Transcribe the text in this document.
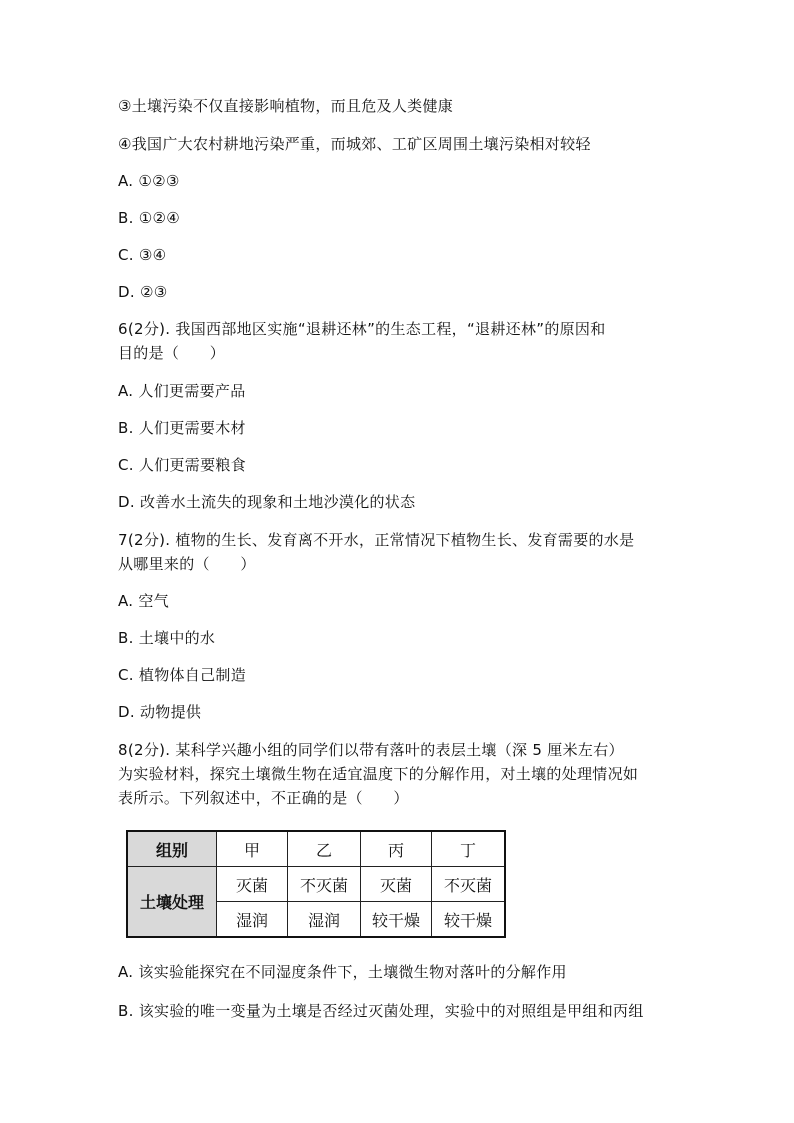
③土壤污染不仅直接影响植物，而且危及人类健康
④我国广大农村耕地污染严重，而城郊、工矿区周围土壤污染相对较轻
A. ①②③
B. ①②④
C. ③④
D. ②③
6(2分). 我国西部地区实施“退耕还林”的生态工程，“退耕还林”的原因和
目的是（　　）
A. 人们更需要产品
B. 人们更需要木材
C. 人们更需要粮食
D. 改善水土流失的现象和土地沙漠化的状态
7(2分). 植物的生长、发育离不开水，正常情况下植物生长、发育需要的水是
从哪里来的（　　）
A. 空气
B. 土壤中的水
C. 植物体自己制造
D. 动物提供
8(2分). 某科学兴趣小组的同学们以带有落叶的表层土壤（深 5 厘米左右）
为实验材料，探究土壤微生物在适宜温度下的分解作用，对土壤的处理情况如
表所示。下列叙述中，不正确的是（　　）
组别	甲	乙	丙	丁
土壤处理	灭菌	不灭菌	灭菌	不灭菌
	湿润	湿润	较干燥	较干燥
A. 该实验能探究在不同湿度条件下，土壤微生物对落叶的分解作用
B. 该实验的唯一变量为土壤是否经过灭菌处理，实验中的对照组是甲组和丙组
